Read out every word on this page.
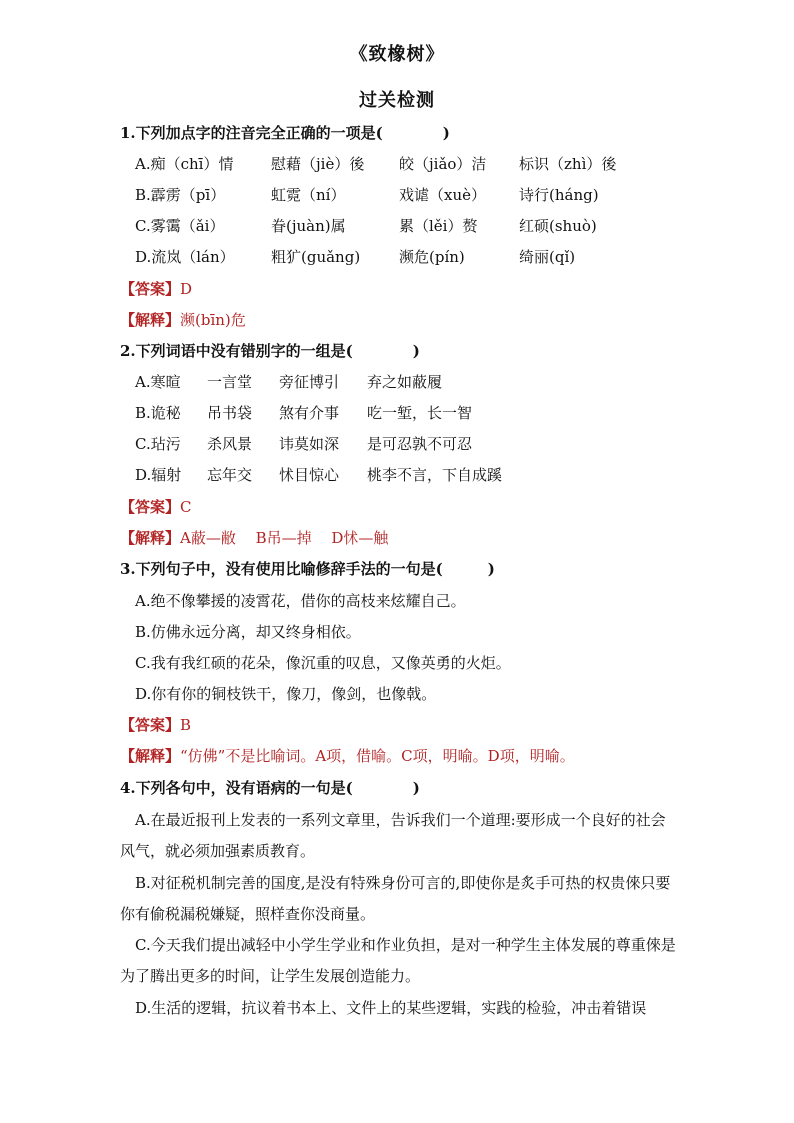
《致橡树》
过关检测
1.下列加点字的注音完全正确的一项是(　　　　)
A.痴（chī）情	慰藉（jiè）後 皎（jiǎo）洁 标识（zhì）後
B.霹雳（pī）	虹霓（ní）	戏谑（xuè） 诗行(háng)
C.雾霭（ǎi）	眷(juàn)属	累（lěi）赘	红硕(shuò)
D.流岚（lán） 粗犷(guǎng)	濒危(pín)	绮丽(qǐ)
【答案】D
【解释】濒(bīn)危
2.下列词语中没有错别字的一组是(　　　　)
A.寒暄 一言堂 旁征博引 弃之如蔽履
B.诡秘 吊书袋 煞有介事 吃一堑，长一智
C.玷污 杀风景 讳莫如深 是可忍孰不可忍
D.辐射 忘年交 怵目惊心 桃李不言，下自成蹊
【答案】C
【解释】A蔽—敝　 B吊—掉　 D怵—触
3.下列句子中，没有使用比喻修辞手法的一句是(　　　)
A.绝不像攀援的凌霄花，借你的高枝来炫耀自己。
B.仿佛永远分离，却又终身相依。
C.我有我红硕的花朵，像沉重的叹息，又像英勇的火炬。
D.你有你的铜枝铁干，像刀，像剑，也像戟。
【答案】B
【解释】“仿佛”不是比喻词。A项，借喻。C项，明喻。D项，明喻。
4.下列各句中，没有语病的一句是(　　　　)
A.在最近报刊上发表的一系列文章里，告诉我们一个道理:要形成一个良好的社会风气，就必须加强素质教育。
B.对征税机制完善的国度,是没有特殊身份可言的,即使你是炙手可热的权贵倈只要你有偷税漏税嫌疑，照样查你没商量。
C.今天我们提出减轻中小学生学业和作业负担，是对一种学生主体发展的尊重倈是为了腾出更多的时间，让学生发展创造能力。
D.生活的逻辑，抗议着书本上、文件上的某些逻辑，实践的检验，冲击着错误
